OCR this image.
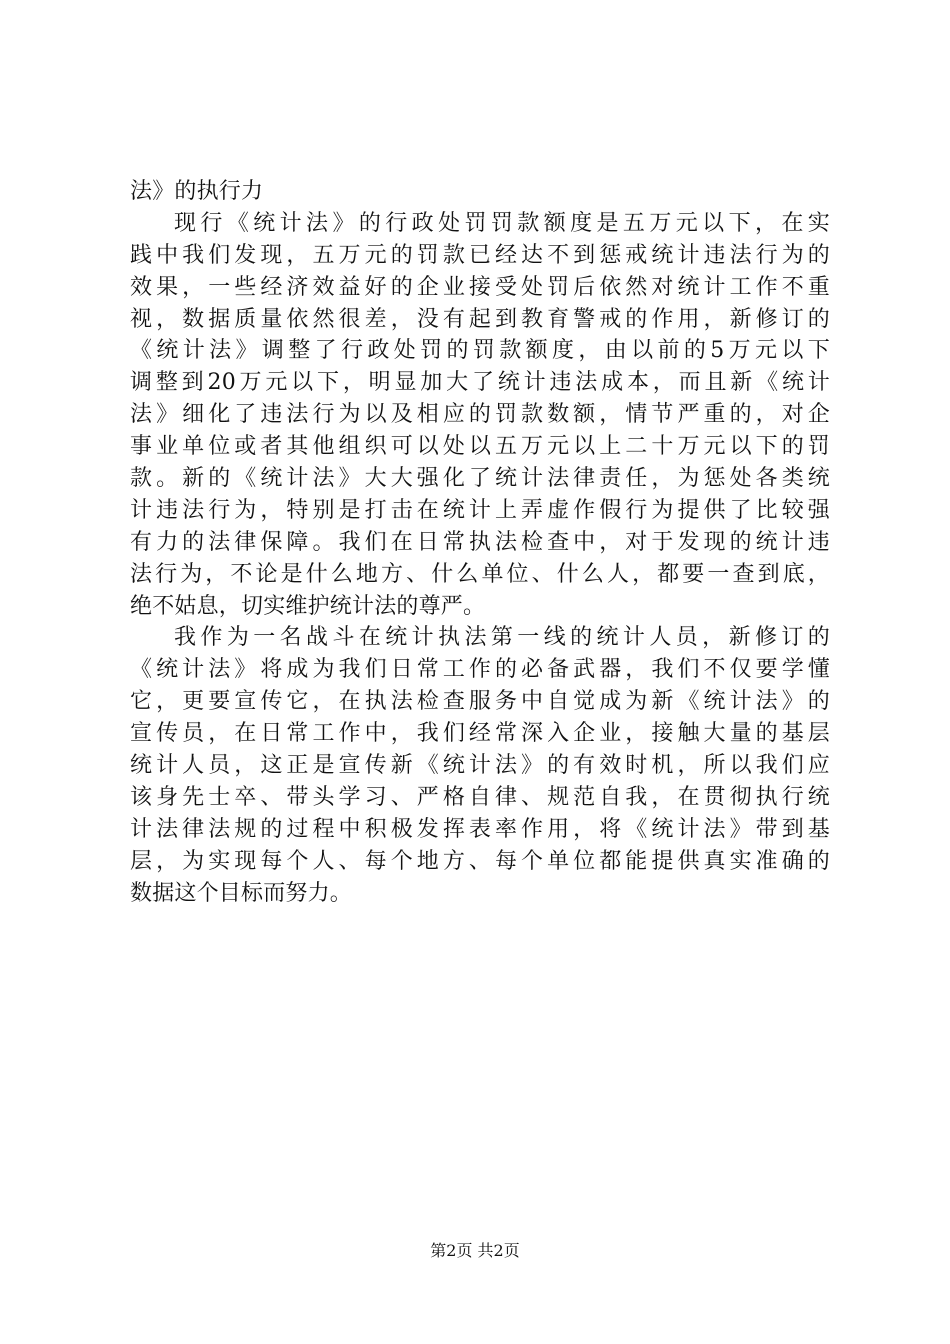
法》的执行力
现行《统计法》的行政处罚罚款额度是五万元以下，在实
践中我们发现，五万元的罚款已经达不到惩戒统计违法行为的
效果，一些经济效益好的企业接受处罚后依然对统计工作不重
视，数据质量依然很差，没有起到教育警戒的作用，新修订的
《统计法》调整了行政处罚的罚款额度，由以前的5万元以下
调整到20万元以下，明显加大了统计违法成本，而且新《统计
法》细化了违法行为以及相应的罚款数额，情节严重的，对企
事业单位或者其他组织可以处以五万元以上二十万元以下的罚
款。新的《统计法》大大强化了统计法律责任，为惩处各类统
计违法行为，特别是打击在统计上弄虚作假行为提供了比较强
有力的法律保障。我们在日常执法检查中，对于发现的统计违
法行为，不论是什么地方、什么单位、什么人，都要一查到底，
绝不姑息，切实维护统计法的尊严。
我作为一名战斗在统计执法第一线的统计人员，新修订的
《统计法》将成为我们日常工作的必备武器，我们不仅要学懂
它，更要宣传它，在执法检查服务中自觉成为新《统计法》的
宣传员，在日常工作中，我们经常深入企业，接触大量的基层
统计人员，这正是宣传新《统计法》的有效时机，所以我们应
该身先士卒、带头学习、严格自律、规范自我，在贯彻执行统
计法律法规的过程中积极发挥表率作用，将《统计法》带到基
层，为实现每个人、每个地方、每个单位都能提供真实准确的
数据这个目标而努力。
第2页 共2页
